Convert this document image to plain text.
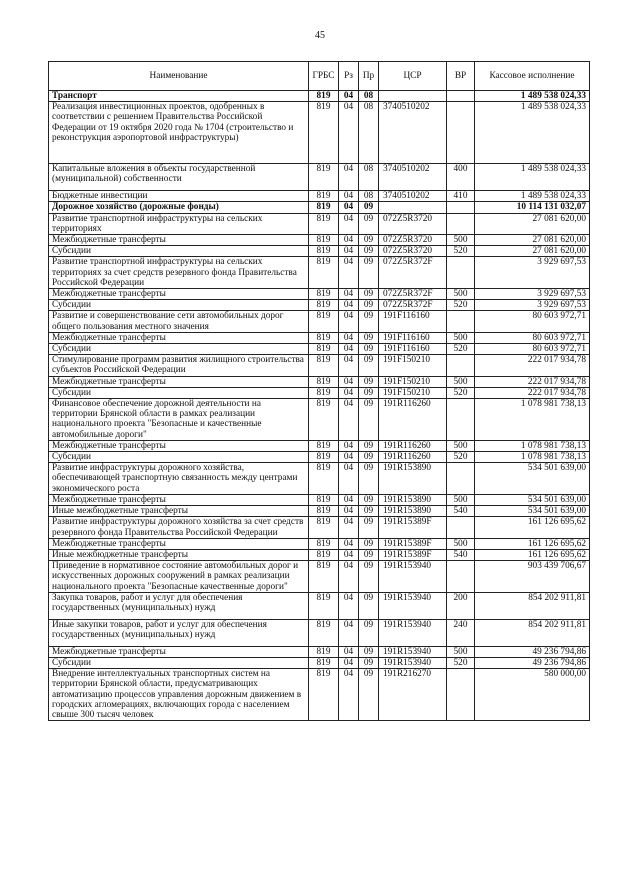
45
Наименование	ГРБС	Рз	Пр	ЦСР	ВР	Кассовое исполнение
Транспорт	819	04	08			1 489 538 024,33
Реализация инвестиционных проектов, одобренных в соответствии с решением Правительства Российской Федерации от 19 октября 2020 года № 1704 (строительство и реконструкция аэропортовой инфраструктуры)	819	04	08	3740510202		1 489 538 024,33
Капитальные вложения в объекты государственной (муниципальной) собственности	819	04	08	3740510202	400	1 489 538 024,33
Бюджетные инвестиции	819	04	08	3740510202	410	1 489 538 024,33
Дорожное хозяйство (дорожные фонды)	819	04	09			10 114 131 032,07
Развитие транспортной инфраструктуры на сельских территориях	819	04	09	072Z5R3720		27 081 620,00
Межбюджетные трансферты	819	04	09	072Z5R3720	500	27 081 620,00
Субсидии	819	04	09	072Z5R3720	520	27 081 620,00
Развитие транспортной инфраструктуры на сельских территориях за счет средств резервного фонда Правительства Российской Федерации	819	04	09	072Z5R372F		3 929 697,53
Межбюджетные трансферты	819	04	09	072Z5R372F	500	3 929 697,53
Субсидии	819	04	09	072Z5R372F	520	3 929 697,53
Развитие и совершенствование сети автомобильных дорог общего пользования местного значения	819	04	09	191F116160		80 603 972,71
Межбюджетные трансферты	819	04	09	191F116160	500	80 603 972,71
Субсидии	819	04	09	191F116160	520	80 603 972,71
Стимулирование программ развития жилищного строительства субъектов Российской Федерации	819	04	09	191F150210		222 017 934,78
Межбюджетные трансферты	819	04	09	191F150210	500	222 017 934,78
Субсидии	819	04	09	191F150210	520	222 017 934,78
Финансовое обеспечение дорожной деятельности на территории Брянской области в рамках реализации национального проекта "Безопасные и качественные автомобильные дороги"	819	04	09	191R116260		1 078 981 738,13
Межбюджетные трансферты	819	04	09	191R116260	500	1 078 981 738,13
Субсидии	819	04	09	191R116260	520	1 078 981 738,13
Развитие инфраструктуры дорожного хозяйства, обеспечивающей транспортную связанность между центрами экономического роста	819	04	09	191R153890		534 501 639,00
Межбюджетные трансферты	819	04	09	191R153890	500	534 501 639,00
Иные межбюджетные трансферты	819	04	09	191R153890	540	534 501 639,00
Развитие инфраструктуры дорожного хозяйства за счет средств резервного фонда Правительства Российской Федерации	819	04	09	191R15389F		161 126 695,62
Межбюджетные трансферты	819	04	09	191R15389F	500	161 126 695,62
Иные межбюджетные трансферты	819	04	09	191R15389F	540	161 126 695,62
Приведение в нормативное состояние автомобильных дорог и искусственных дорожных сооружений в рамках реализации национального проекта "Безопасные качественные дороги"	819	04	09	191R153940		903 439 706,67
Закупка товаров, работ и услуг для обеспечения государственных (муниципальных) нужд	819	04	09	191R153940	200	854 202 911,81
Иные закупки товаров, работ и услуг для обеспечения государственных (муниципальных) нужд	819	04	09	191R153940	240	854 202 911,81
Межбюджетные трансферты	819	04	09	191R153940	500	49 236 794,86
Субсидии	819	04	09	191R153940	520	49 236 794,86
Внедрение интеллектуальных транспортных систем на территории Брянской области, предусматривающих автоматизацию процессов управления дорожным движением в городских агломерациях, включающих города с населением свыше 300 тысяч человек	819	04	09	191R216270		580 000,00
